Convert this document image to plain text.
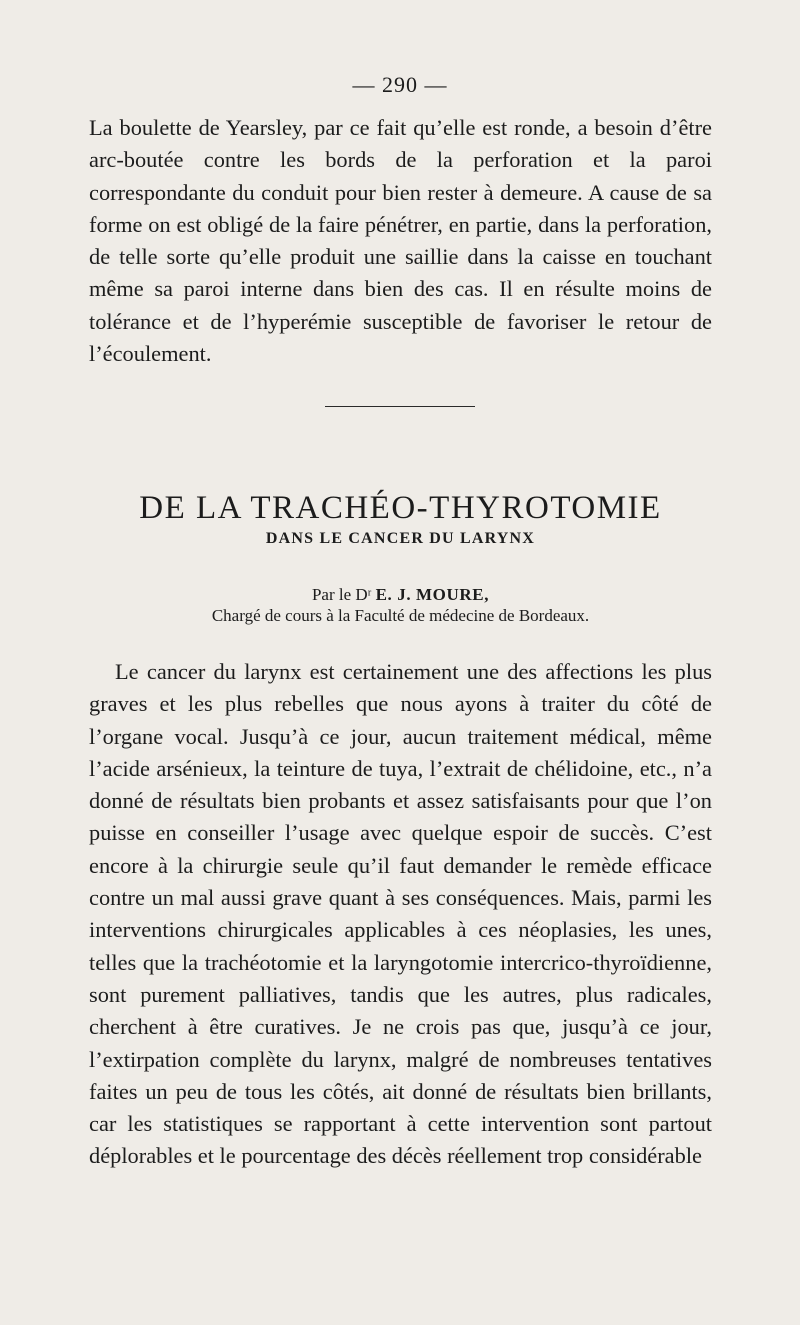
— 290 —

La boulette de Yearsley, par ce fait qu’elle est ronde, a besoin d’être arc-boutée contre les bords de la perforation et la paroi correspondante du conduit pour bien rester à demeure. A cause de sa forme on est obligé de la faire pénétrer, en partie, dans la perforation, de telle sorte qu’elle produit une saillie dans la caisse en touchant même sa paroi interne dans bien des cas. Il en résulte moins de tolérance et de l’hyperémie susceptible de favoriser le retour de l’écoulement.

DE LA TRACHÉO-THYROTOMIE
DANS LE CANCER DU LARYNX
Par le Dʳ E. J. MOURE,
Chargé de cours à la Faculté de médecine de Bordeaux.

Le cancer du larynx est certainement une des affections les plus graves et les plus rebelles que nous ayons à traiter du côté de l’organe vocal. Jusqu’à ce jour, aucun traitement médical, même l’acide arsénieux, la teinture de tuya, l’extrait de chélidoine, etc., n’a donné de résultats bien probants et assez satisfaisants pour que l’on puisse en conseiller l’usage avec quelque espoir de succès. C’est encore à la chirurgie seule qu’il faut demander le remède efficace contre un mal aussi grave quant à ses conséquences. Mais, parmi les interventions chirurgicales applicables à ces néoplasies, les unes, telles que la trachéotomie et la laryngotomie intercrico-thyroïdienne, sont purement palliatives, tandis que les autres, plus radicales, cherchent à être curatives. Je ne crois pas que, jusqu’à ce jour, l’extirpation complète du larynx, malgré de nombreuses tentatives faites un peu de tous les côtés, ait donné de résultats bien brillants, car les statistiques se rapportant à cette intervention sont partout déplorables et le pourcentage des décès réellement trop considérable
